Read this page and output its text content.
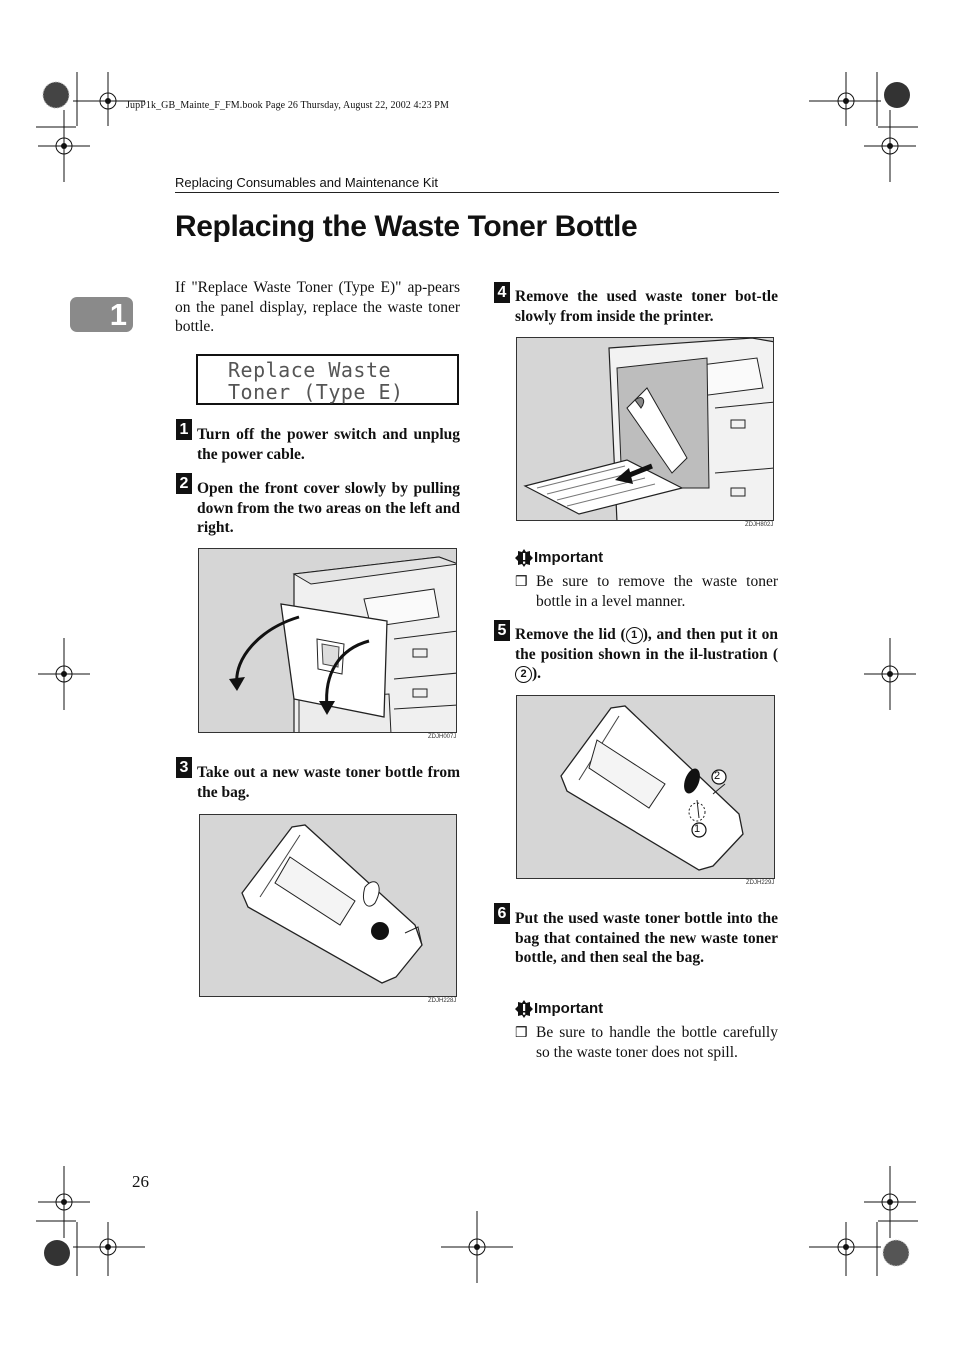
JupP1k_GB_Mainte_F_FM.book Page 26 Thursday, August 22, 2002 4:23 PM
Replacing Consumables and Maintenance Kit
Replacing the Waste Toner Bottle
1
If "Replace Waste Toner (Type E)" ap-pears on the panel display, replace the waste toner bottle.
Replace Waste
Toner (Type E)
1 Turn off the power switch and unplug the power cable.
2 Open the front cover slowly by pulling down from the two areas on the left and right.
ZDJH007J
3 Take out a new waste toner bottle from the bag.
ZDJH228J
4 Remove the used waste toner bot-tle slowly from inside the printer.
ZDJH802J
Important
❒ Be sure to remove the waste toner bottle in a level manner.
5 Remove the lid ( 1 ), and then put it on the position shown in the il-lustration (2 ).
2
1
ZDJH229J
6 Put the used waste toner bottle into the bag that contained the new waste toner bottle, and then seal the bag.
Important
❒ Be sure to handle the bottle carefully so the waste toner does not spill.
26
